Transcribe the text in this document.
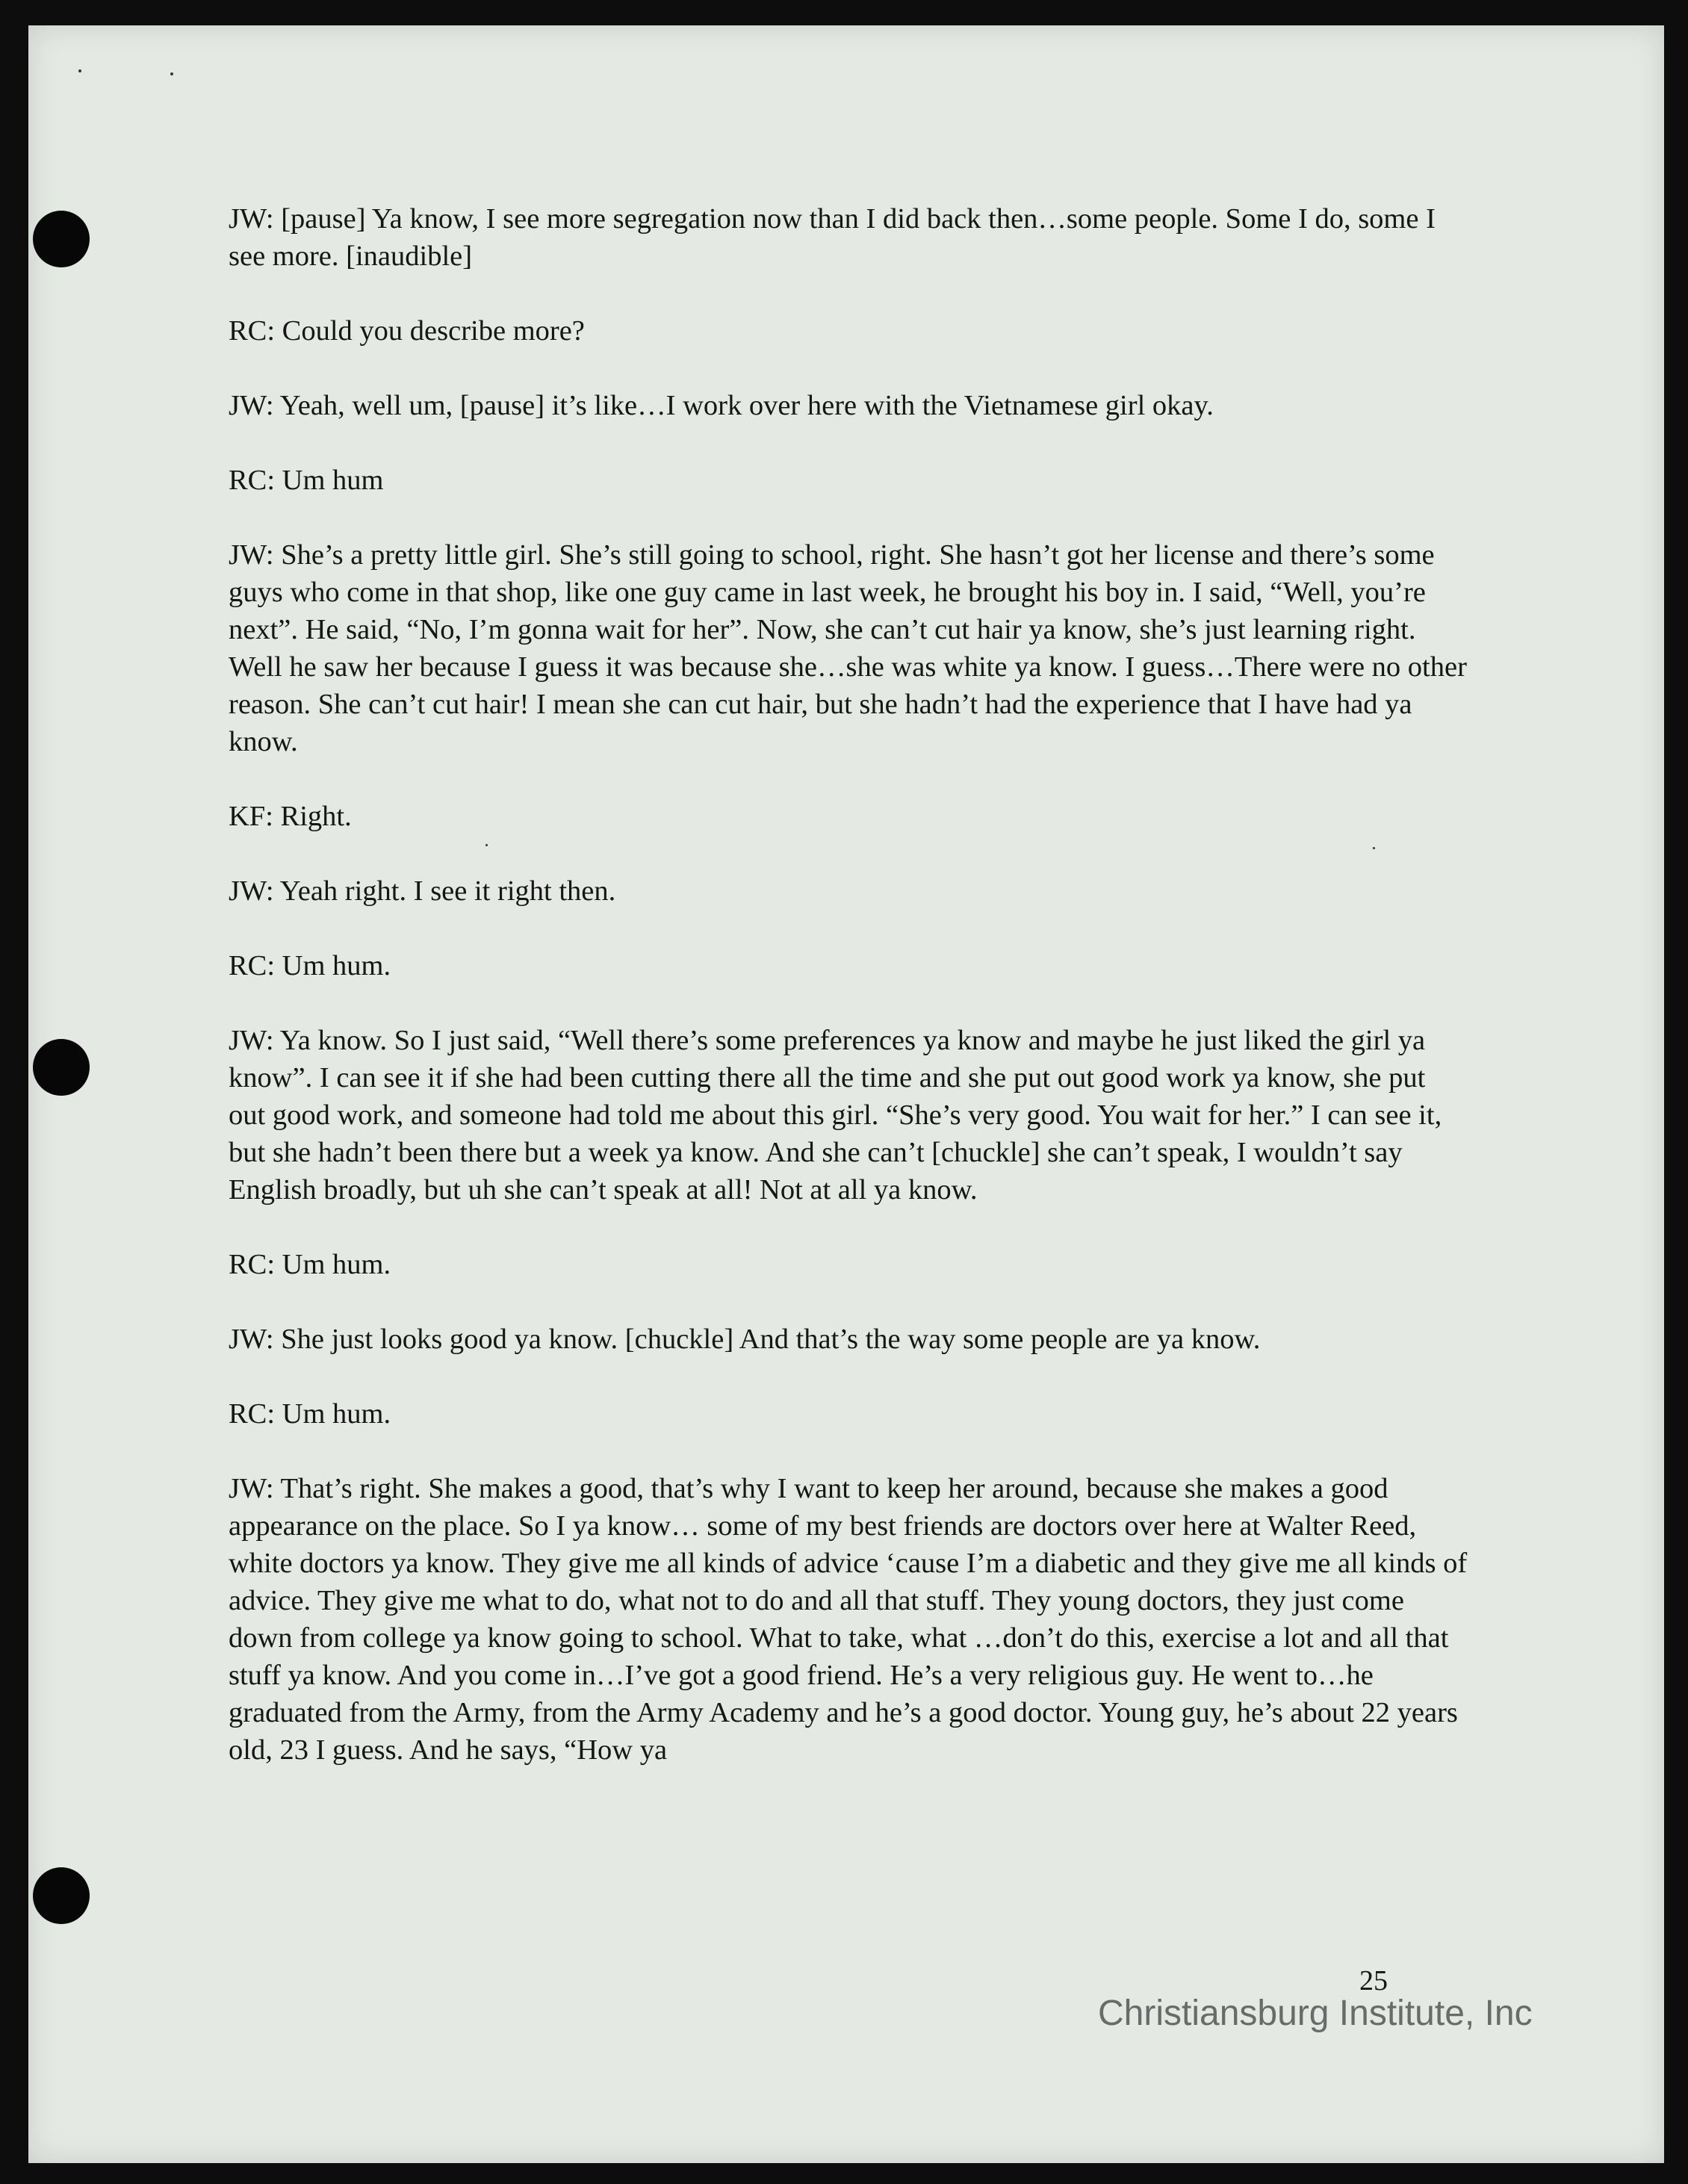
JW: [pause] Ya know, I see more segregation now than I did back then…some people. Some I do, some I see more. [inaudible]

RC: Could you describe more?

JW: Yeah, well um, [pause] it’s like…I work over here with the Vietnamese girl okay.

RC: Um hum

JW: She’s a pretty little girl. She’s still going to school, right. She hasn’t got her license and there’s some guys who come in that shop, like one guy came in last week, he brought his boy in. I said, “Well, you’re next”. He said, “No, I’m gonna wait for her”. Now, she can’t cut hair ya know, she’s just learning right. Well he saw her because I guess it was because she…she was white ya know. I guess…There were no other reason. She can’t cut hair! I mean she can cut hair, but she hadn’t had the experience that I have had ya know.

KF: Right.

JW: Yeah right. I see it right then.

RC: Um hum.

JW: Ya know. So I just said, “Well there’s some preferences ya know and maybe he just liked the girl ya know”. I can see it if she had been cutting there all the time and she put out good work ya know, she put out good work, and someone had told me about this girl. “She’s very good. You wait for her.” I can see it, but she hadn’t been there but a week ya know. And she can’t [chuckle] she can’t speak, I wouldn’t say English broadly, but uh she can’t speak at all! Not at all ya know.

RC: Um hum.

JW: She just looks good ya know. [chuckle] And that’s the way some people are ya know.

RC: Um hum.

JW: That’s right. She makes a good, that’s why I want to keep her around, because she makes a good appearance on the place. So I ya know… some of my best friends are doctors over here at Walter Reed, white doctors ya know. They give me all kinds of advice ‘cause I’m a diabetic and they give me all kinds of advice. They give me what to do, what not to do and all that stuff. They young doctors, they just come down from college ya know going to school. What to take, what …don’t do this, exercise a lot and all that stuff ya know. And you come in…I’ve got a good friend. He’s a very religious guy. He went to…he graduated from the Army, from the Army Academy and he’s a good doctor. Young guy, he’s about 22 years old, 23 I guess. And he says, “How ya

25
Christiansburg Institute, Inc
